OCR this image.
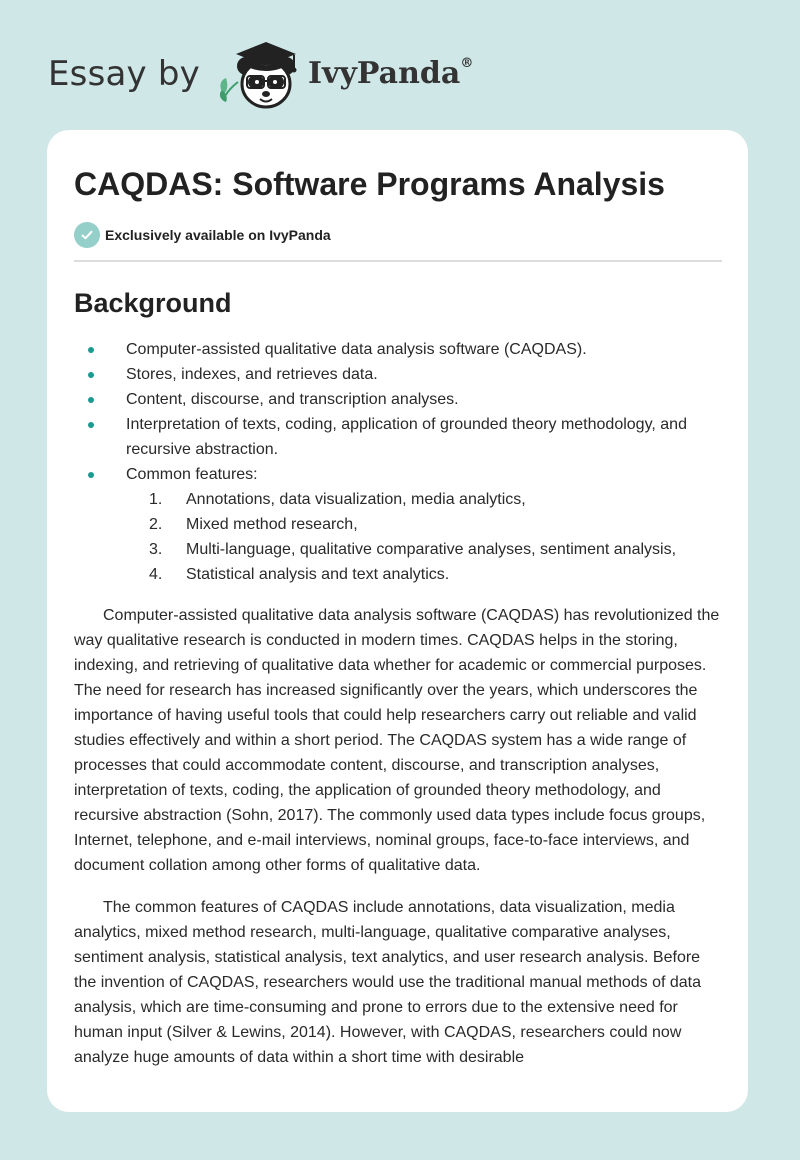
Essay by	IvyPanda®
CAQDAS: Software Programs Analysis
Exclusively available on IvyPanda
Background
Computer-assisted qualitative data analysis software (CAQDAS).
Stores, indexes, and retrieves data.
Content, discourse, and transcription analyses.
Interpretation of texts, coding, application of grounded theory methodology, and recursive abstraction.
Common features:
1. Annotations, data visualization, media analytics,
2. Mixed method research,
3. Multi-language, qualitative comparative analyses, sentiment analysis,
4. Statistical analysis and text analytics.

Computer-assisted qualitative data analysis software (CAQDAS) has revolutionized the way qualitative research is conducted in modern times. CAQDAS helps in the storing, indexing, and retrieving of qualitative data whether for academic or commercial purposes. The need for research has increased significantly over the years, which underscores the importance of having useful tools that could help researchers carry out reliable and valid studies effectively and within a short period. The CAQDAS system has a wide range of processes that could accommodate content, discourse, and transcription analyses, interpretation of texts, coding, the application of grounded theory methodology, and recursive abstraction (Sohn, 2017). The commonly used data types include focus groups, Internet, telephone, and e-mail interviews, nominal groups, face-to-face interviews, and document collation among other forms of qualitative data.

The common features of CAQDAS include annotations, data visualization, media analytics, mixed method research, multi-language, qualitative comparative analyses, sentiment analysis, statistical analysis, text analytics, and user research analysis. Before the invention of CAQDAS, researchers would use the traditional manual methods of data analysis, which are time-consuming and prone to errors due to the extensive need for human input (Silver & Lewins, 2014). However, with CAQDAS, researchers could now analyze huge amounts of data within a short time with desirable
